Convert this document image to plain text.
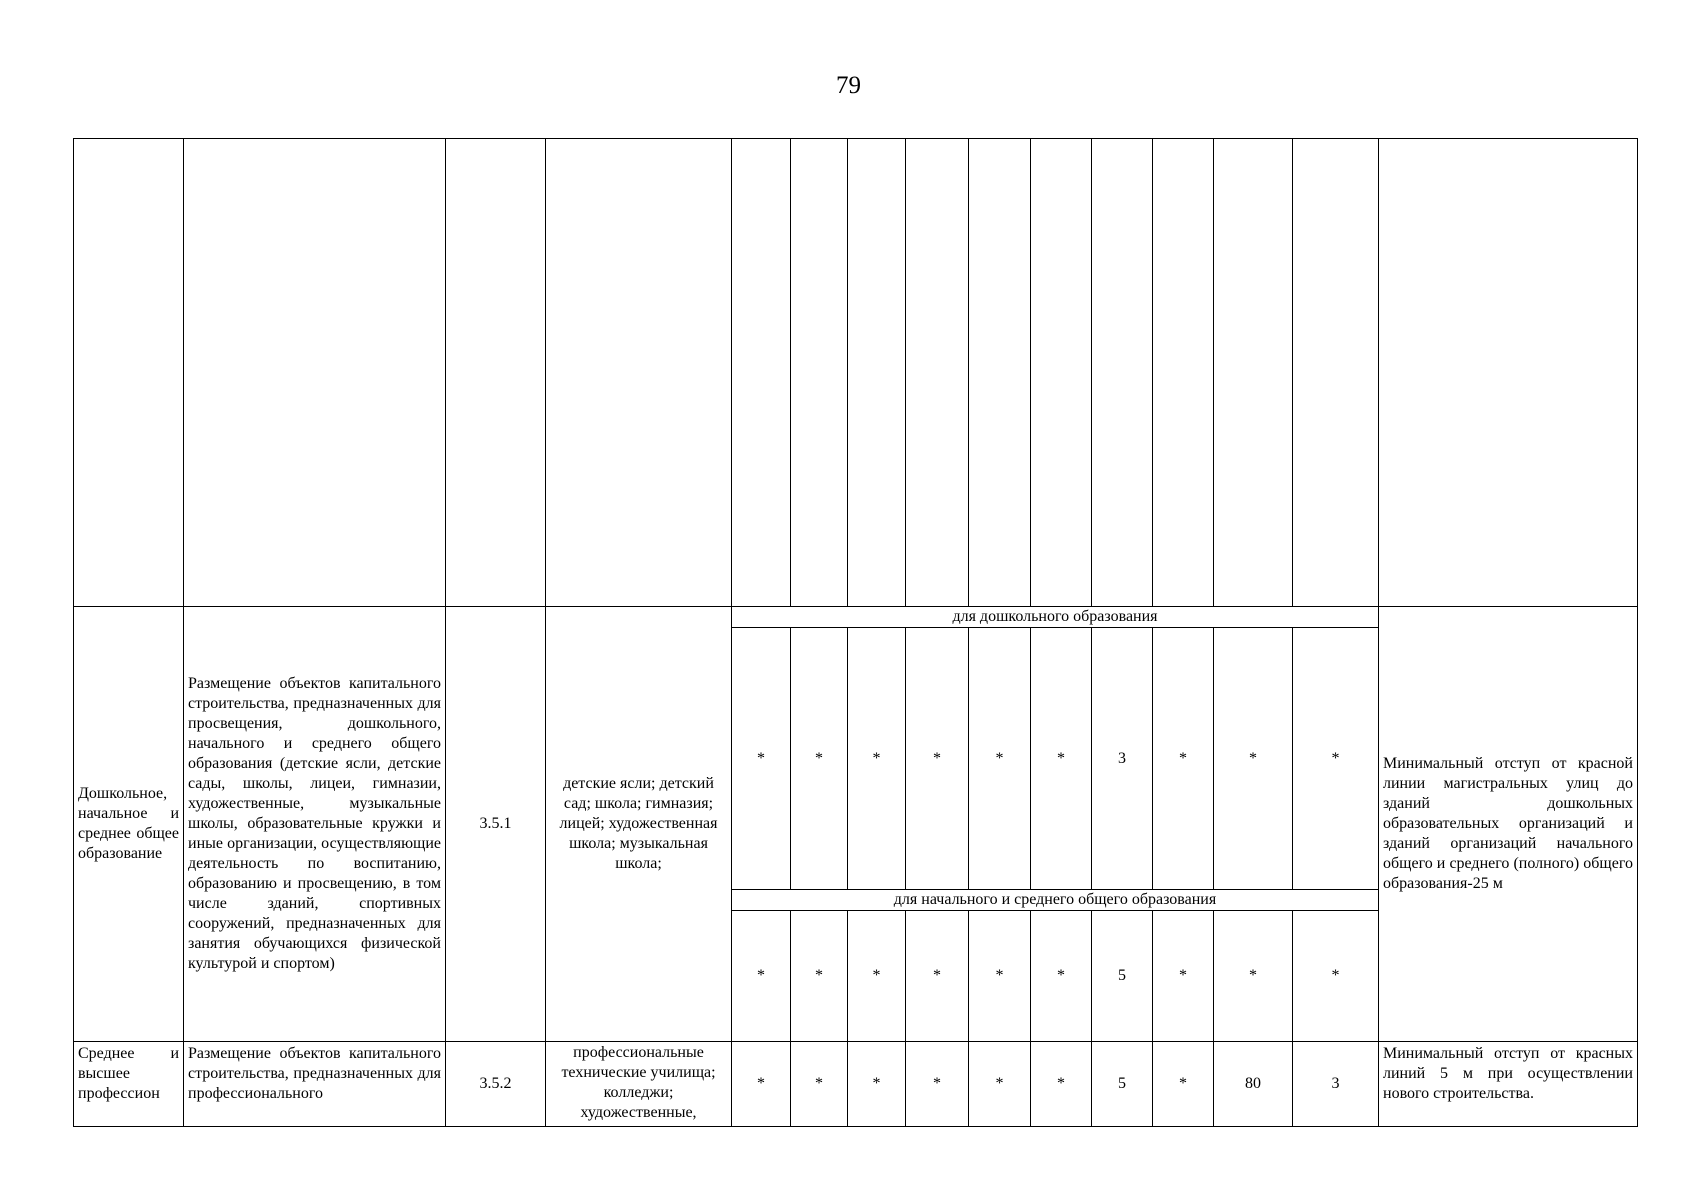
79

Дошкольное, начальное и среднее общее образование	Размещение объектов капитального строительства, предназначенных для просвещения, дошкольного, начального и среднего общего образования (детские ясли, детские сады, школы, лицеи, гимназии, художественные, музыкальные школы, образовательные кружки и иные организации, осуществляющие деятельность по воспитанию, образованию и просвещению, в том числе зданий, спортивных сооружений, предназначенных для занятия обучающихся физической культурой и спортом)	3.5.1	детские ясли; детский сад; школа; гимназия; лицей; художественная школа; музыкальная школа;	для дошкольного образования										Минимальный отступ от красной линии магистральных улиц до зданий дошкольных образовательных организаций и зданий организаций начального общего и среднего (полного) общего образования-25 м
				*	*	*	*	*	*	3	*	*	*	
				для начального и среднего общего образования										
				*	*	*	*	*	*	5	*	*	*	

Среднее и высшее профессион	Размещение объектов капитального строительства, предназначенных для профессионального	3.5.2	профессиональные технические училища; колледжи; художественные,	*	*	*	*	*	*	5	*	80	3	Минимальный отступ от красных линий 5 м при осуществлении нового строительства.
